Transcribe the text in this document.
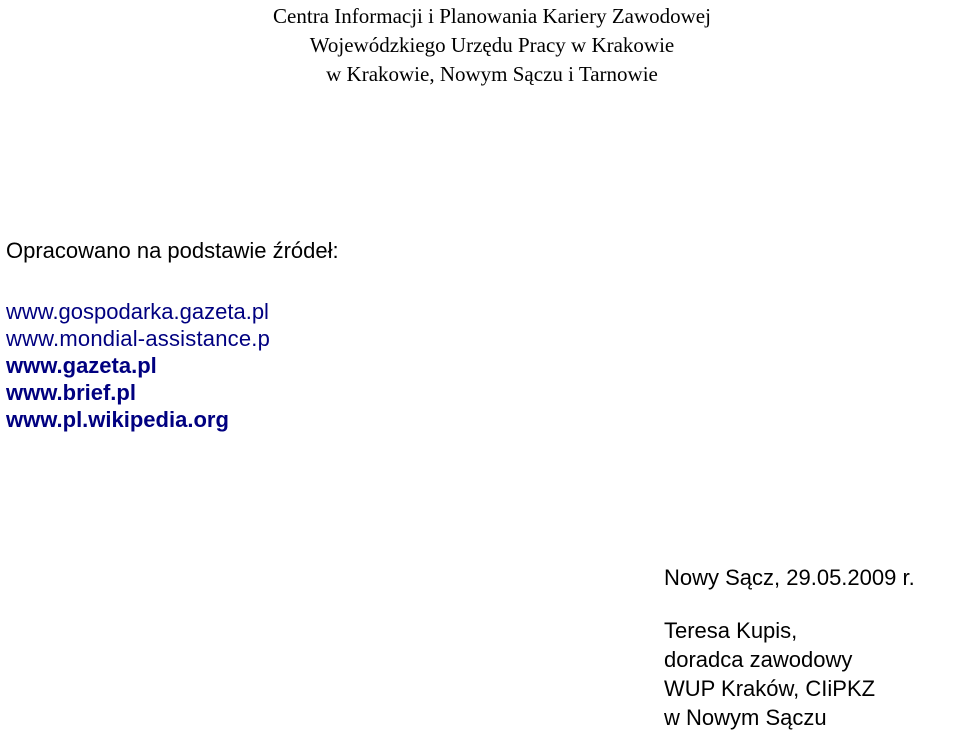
Centra Informacji i Planowania Kariery Zawodowej
Wojewódzkiego Urzędu Pracy w Krakowie
w Krakowie, Nowym Sączu i Tarnowie
Opracowano na podstawie źródeł:
www.gospodarka.gazeta.pl
www.mondial-assistance.p
www.gazeta.pl
www.brief.pl
www.pl.wikipedia.org
Nowy Sącz, 29.05.2009 r.
Teresa Kupis,
doradca zawodowy
WUP Kraków, CIiPKZ
w Nowym Sączu
